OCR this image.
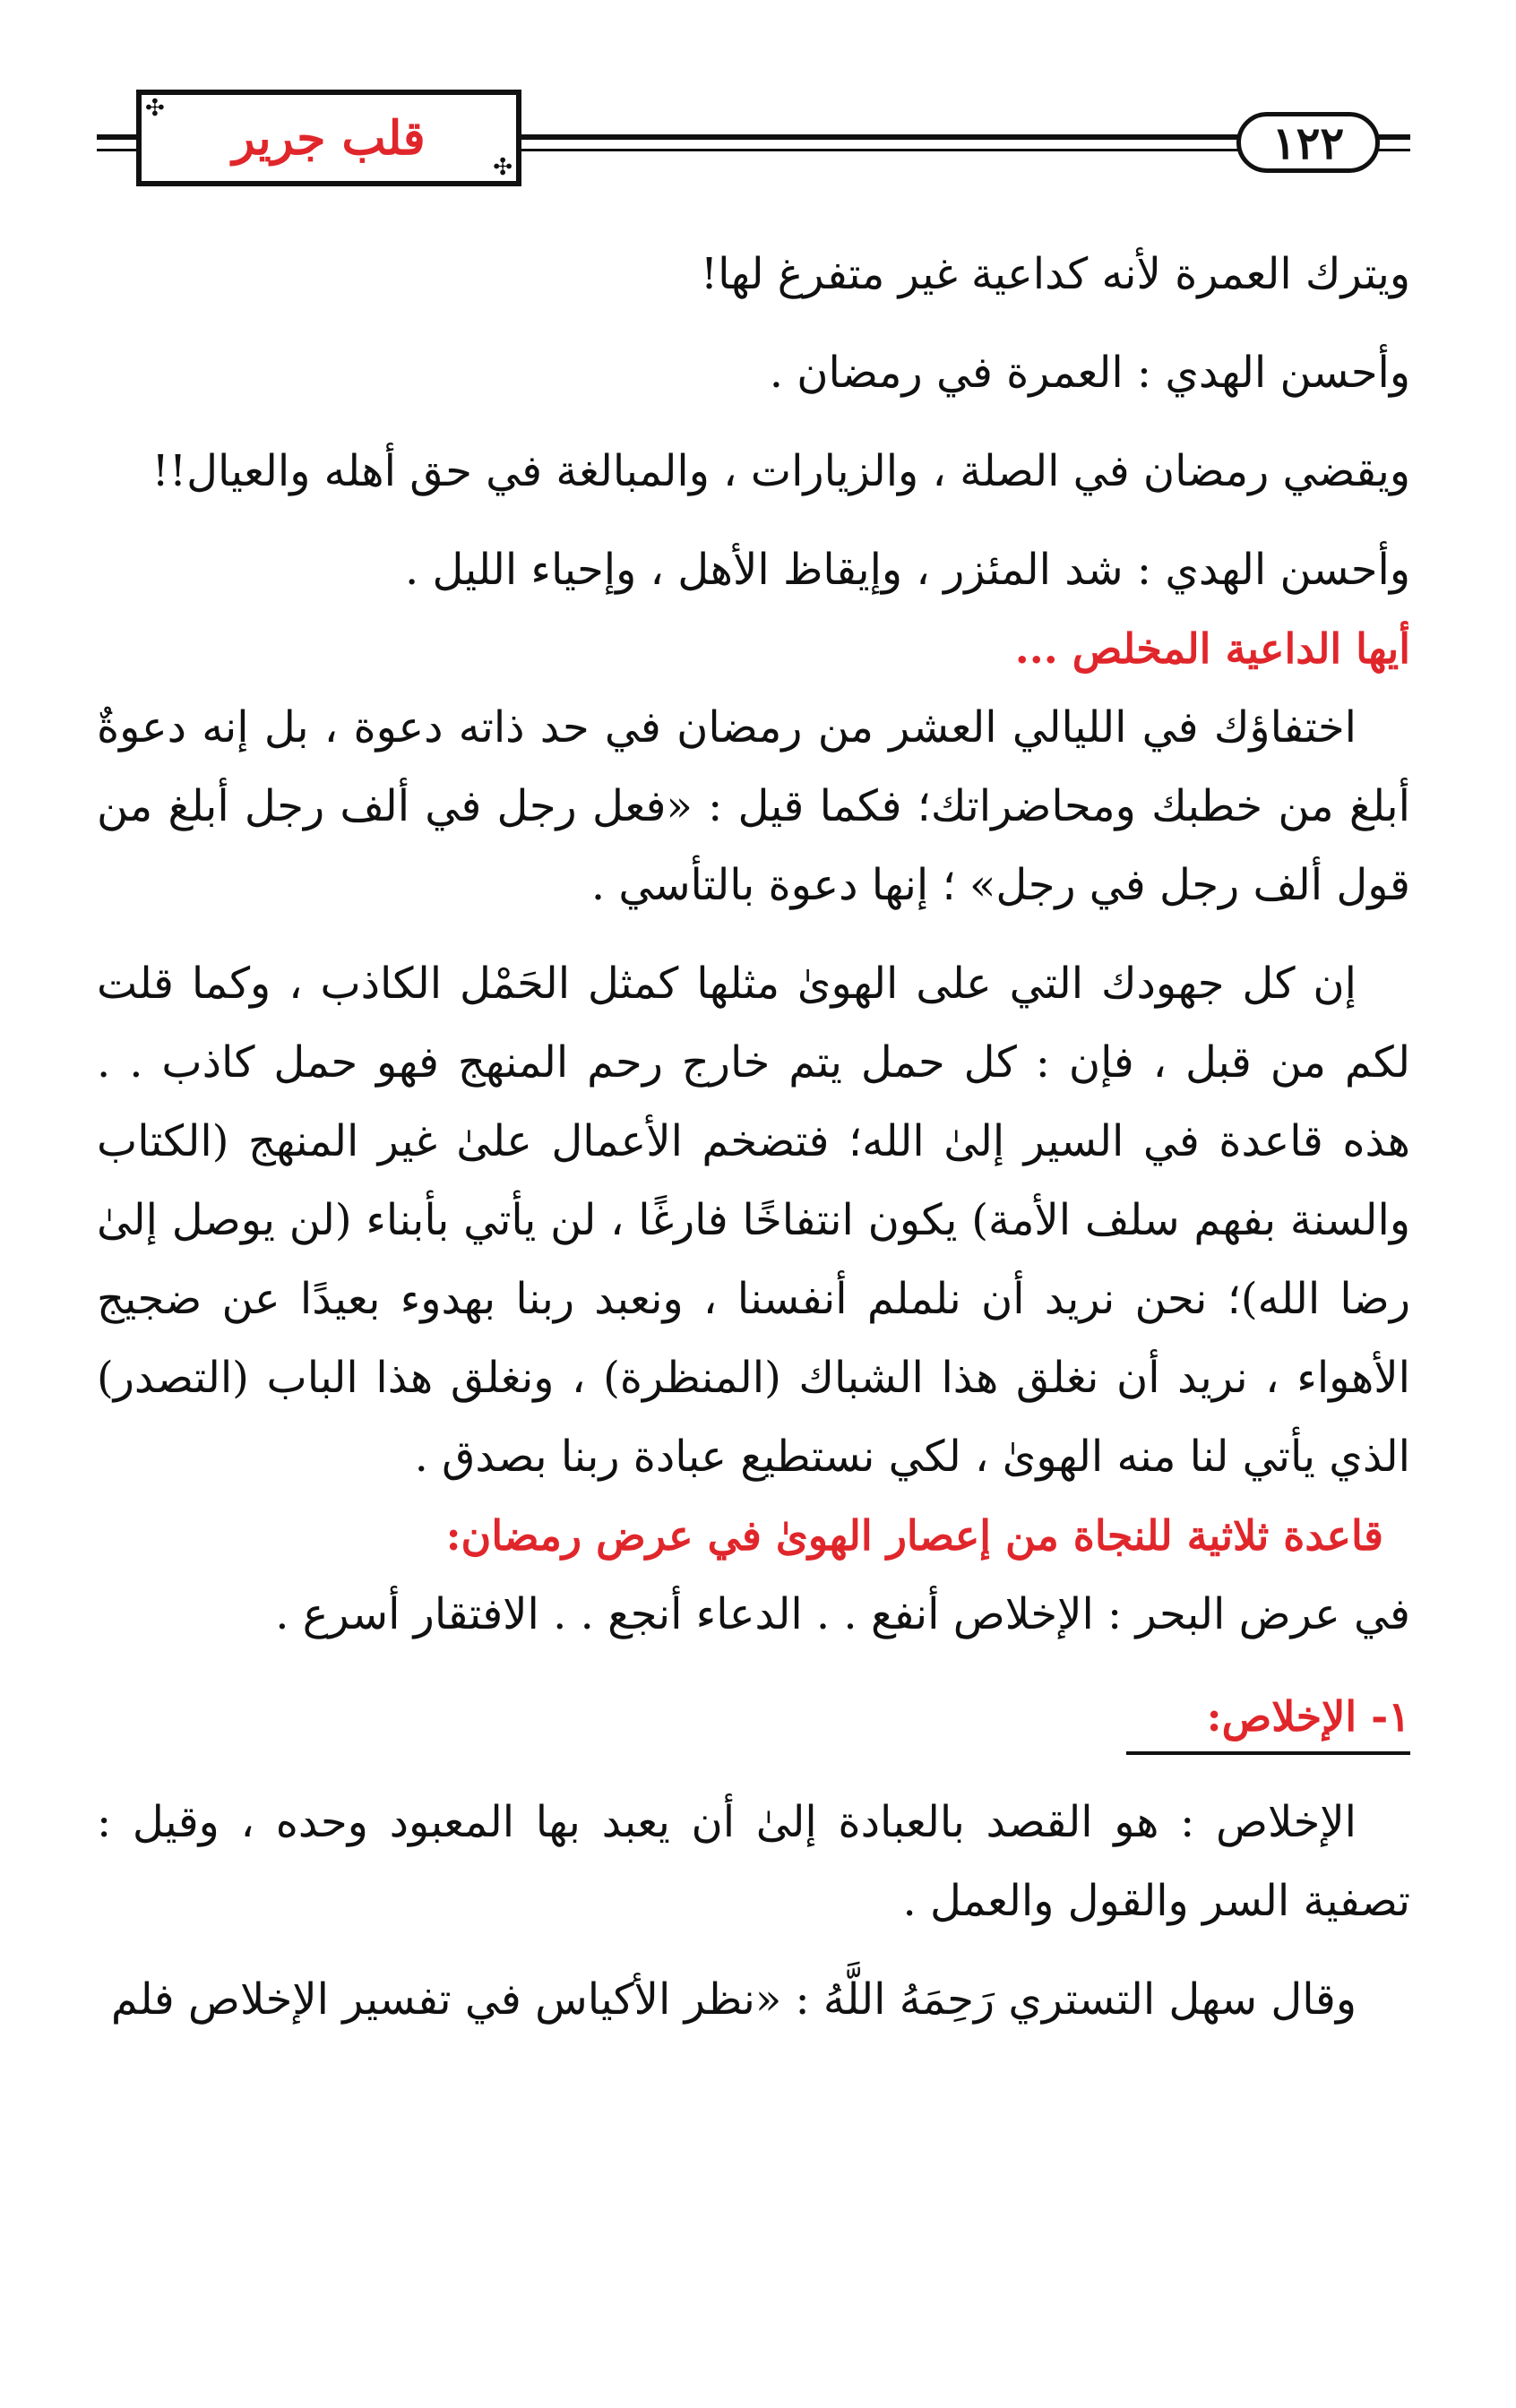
✣
✣
قلب جرير	١٢٢

ويترك العمرة لأنه كداعية غير متفرغ لها!

وأحسن الهدي : العمرة في رمضان .

ويقضي رمضان في الصلة ، والزيارات ، والمبالغة في حق أهله والعيال!!

وأحسن الهدي : شد المئزر ، وإيقاظ الأهل ، وإحياء الليل .

أيها الداعية المخلص ...

اختفاؤك في الليالي العشر من رمضان في حد ذاته دعوة ، بل إنه دعوةٌ أبلغ من خطبك ومحاضراتك؛ فكما قيل : «فعل رجل في ألف رجل أبلغ من قول ألف رجل في رجل» ؛ إنها دعوة بالتأسي .

إن كل جهودك التي على الهوىٰ مثلها كمثل الحَمْل الكاذب ، وكما قلت لكم من قبل ، فإن : كل حمل يتم خارج رحم المنهج فهو حمل كاذب . . هذه قاعدة في السير إلىٰ الله؛ فتضخم الأعمال علىٰ غير المنهج (الكتاب والسنة بفهم سلف الأمة) يكون انتفاخًا فارغًا ، لن يأتي بأبناء (لن يوصل إلىٰ رضا الله)؛ نحن نريد أن نلملم أنفسنا ، ونعبد ربنا بهدوء بعيدًا عن ضجيج الأهواء ، نريد أن نغلق هذا الشباك (المنظرة) ، ونغلق هذا الباب (التصدر) الذي يأتي لنا منه الهوىٰ ، لكي نستطيع عبادة ربنا بصدق .

قاعدة ثلاثية للنجاة من إعصار الهوىٰ في عرض رمضان:

في عرض البحر : الإخلاص أنفع . . الدعاء أنجع . . الافتقار أسرع .

١- الإخلاص:

الإخلاص : هو القصد بالعبادة إلىٰ أن يعبد بها المعبود وحده ، وقيل : تصفية السر والقول والعمل .

وقال سهل التستري رَحِمَهُ اللَّهُ : «نظر الأكياس في تفسير الإخلاص فلم
